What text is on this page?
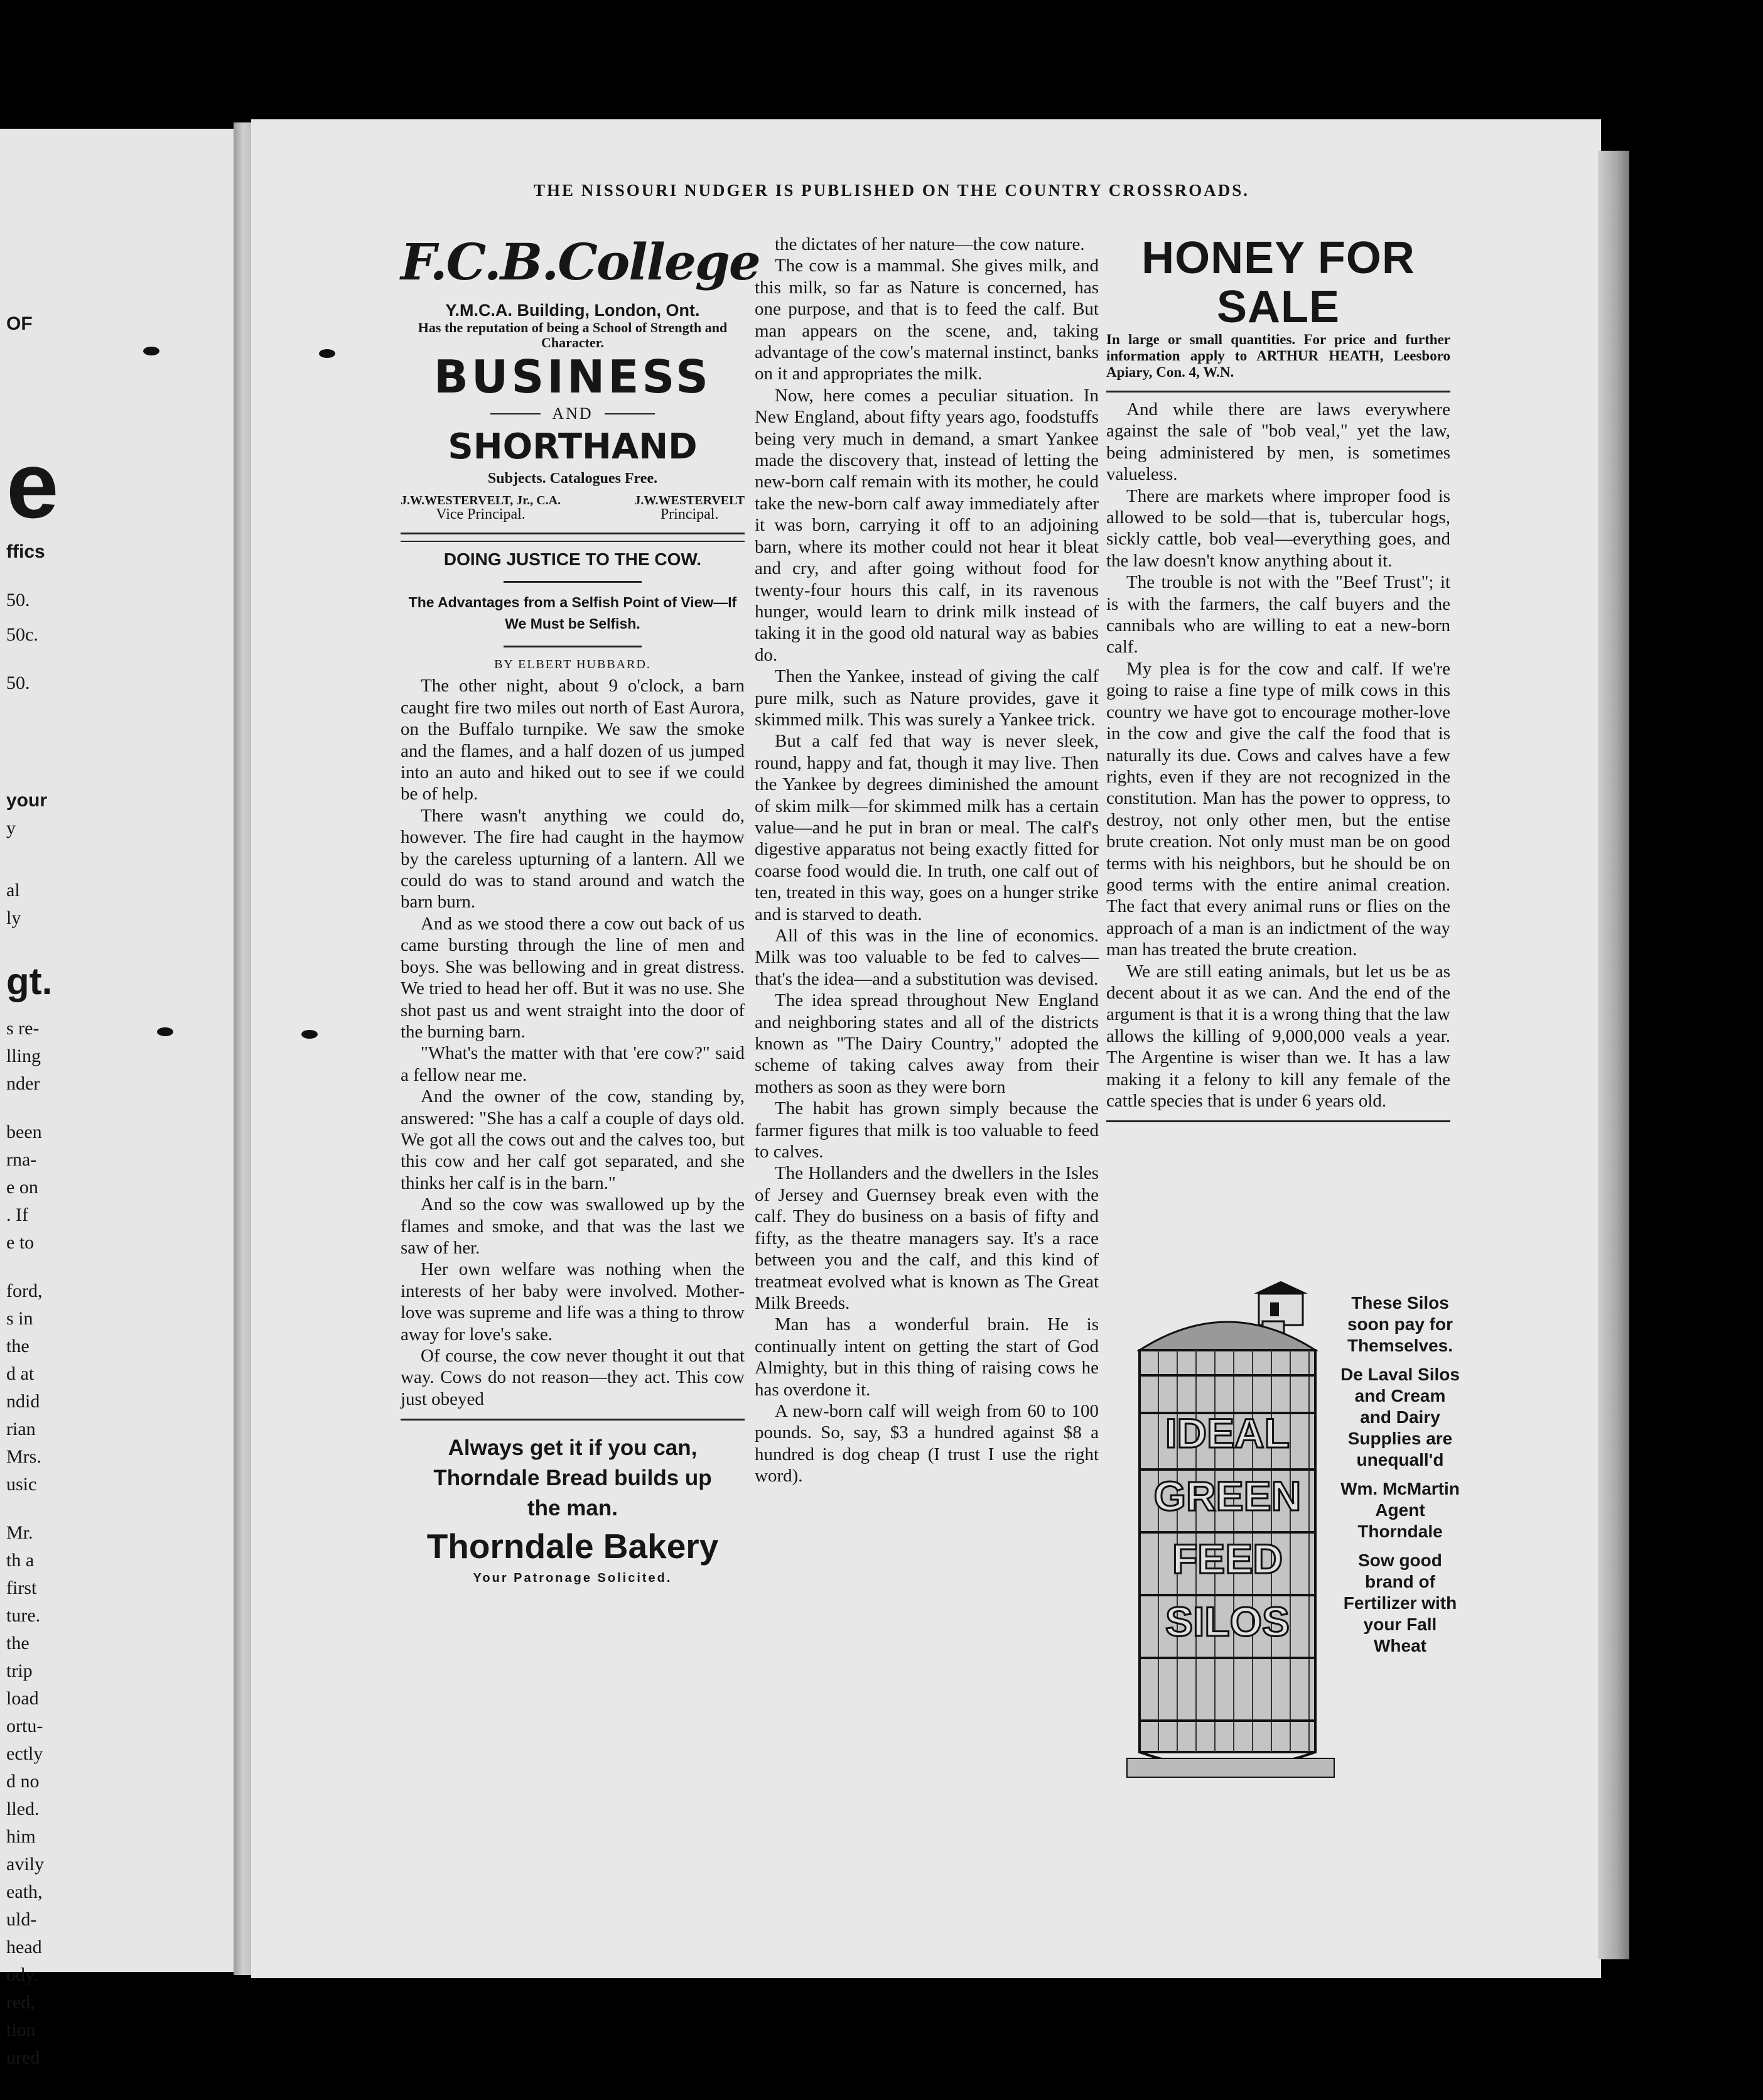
OF
e
ffics
50.
50c.
50.
your
y
al
ly
gt.
s re-
lling
nder
been
rna-
e on
. If
e to
ford,
s in
the
d at
ndid
rian
Mrs.
usic
Mr.
th a
first
ture.
the
trip
load
ortu-
ectly
d no
lled.
him
avily
eath,
uld-
head
ody.
red,
tion
ured
THE NISSOURI NUDGER IS PUBLISHED ON THE COUNTRY CROSSROADS.
F.C.B.College
Y.M.C.A. Building, London, Ont.
Has the reputation of being a School of Strength and Character.
BUSINESS
AND
SHORTHAND
Subjects. Catalogues Free.
J.W.WESTERVELT, Jr., C.A.
Vice Principal.
J.W.WESTERVELT
Principal.
DOING JUSTICE TO THE COW.
The Advantages from a Selfish Point of View—If We Must be Selfish.
BY ELBERT HUBBARD.

The other night, about 9 o'clock, a barn caught fire two miles out north of East Aurora, on the Buffalo turnpike. We saw the smoke and the flames, and a half dozen of us jumped into an auto and hiked out to see if we could be of help.

There wasn't anything we could do, however. The fire had caught in the haymow by the careless upturning of a lantern. All we could do was to stand around and watch the barn burn.

And as we stood there a cow out back of us came bursting through the line of men and boys. She was bellowing and in great distress. We tried to head her off. But it was no use. She shot past us and went straight into the door of the burning barn.

"What's the matter with that 'ere cow?" said a fellow near me.

And the owner of the cow, standing by, answered: "She has a calf a couple of days old. We got all the cows out and the calves too, but this cow and her calf got separated, and she thinks her calf is in the barn."

And so the cow was swallowed up by the flames and smoke, and that was the last we saw of her.

Her own welfare was nothing when the interests of her baby were involved. Mother-love was supreme and life was a thing to throw away for love's sake.

Of course, the cow never thought it out that way. Cows do not reason—they act. This cow just obeyed

Always get it if you can,
Thorndale Bread builds up
the man.
Thorndale Bakery
Your Patronage Solicited.

the dictates of her nature—the cow nature.

The cow is a mammal. She gives milk, and this milk, so far as Nature is concerned, has one purpose, and that is to feed the calf. But man appears on the scene, and, taking advantage of the cow's maternal instinct, banks on it and appropriates the milk.

Now, here comes a peculiar situation. In New England, about fifty years ago, foodstuffs being very much in demand, a smart Yankee made the discovery that, instead of letting the new-born calf remain with its mother, he could take the new-born calf away immediately after it was born, carrying it off to an adjoining barn, where its mother could not hear it bleat and cry, and after going without food for twenty-four hours this calf, in its ravenous hunger, would learn to drink milk instead of taking it in the good old natural way as babies do.

Then the Yankee, instead of giving the calf pure milk, such as Nature provides, gave it skimmed milk. This was surely a Yankee trick.

But a calf fed that way is never sleek, round, happy and fat, though it may live. Then the Yankee by degrees diminished the amount of skim milk—for skimmed milk has a certain value—and he put in bran or meal. The calf's digestive apparatus not being exactly fitted for coarse food would die. In truth, one calf out of ten, treated in this way, goes on a hunger strike and is starved to death.

All of this was in the line of economics. Milk was too valuable to be fed to calves—that's the idea—and a substitution was devised.

The idea spread throughout New England and neighboring states and all of the districts known as "The Dairy Country," adopted the scheme of taking calves away from their mothers as soon as they were born

The habit has grown simply because the farmer figures that milk is too valuable to feed to calves.

The Hollanders and the dwellers in the Isles of Jersey and Guernsey break even with the calf. They do business on a basis of fifty and fifty, as the theatre managers say. It's a race between you and the calf, and this kind of treatmeat evolved what is known as The Great Milk Breeds.

Man has a wonderful brain. He is continually intent on getting the start of God Almighty, but in this thing of raising cows he has overdone it.

A new-born calf will weigh from 60 to 100 pounds. So, say, $3 a hundred against $8 a hundred is dog cheap (I trust I use the right word).

HONEY FOR SALE
In large or small quantities. For price and further information apply to ARTHUR HEATH, Leesboro Apiary, Con. 4, W.N.

And while there are laws everywhere against the sale of "bob veal," yet the law, being administered by men, is sometimes valueless.

There are markets where improper food is allowed to be sold—that is, tubercular hogs, sickly cattle, bob veal—everything goes, and the law doesn't know anything about it.

The trouble is not with the "Beef Trust"; it is with the farmers, the calf buyers and the cannibals who are willing to eat a new-born calf.

My plea is for the cow and calf. If we're going to raise a fine type of milk cows in this country we have got to encourage mother-love in the cow and give the calf the food that is naturally its due. Cows and calves have a few rights, even if they are not recognized in the constitution. Man has the power to oppress, to destroy, not only other men, but the entise brute creation. Not only must man be on good terms with his neighbors, but he should be on good terms with the entire animal creation. The fact that every animal runs or flies on the approach of a man is an indictment of the way man has treated the brute creation.

We are still eating animals, but let us be as decent about it as we can. And the end of the argument is that it is a wrong thing that the law allows the killing of 9,000,000 veals a year. The Argentine is wiser than we. It has a law making it a felony to kill any female of the cattle species that is under 6 years old.

IDEAL
GREEN
FEED
SILOS

These Silos soon pay for Themselves.

De Laval Silos and Cream and Dairy Supplies are unequall'd

Wm. McMartin Agent Thorndale

Sow good brand of Fertilizer with your Fall Wheat
